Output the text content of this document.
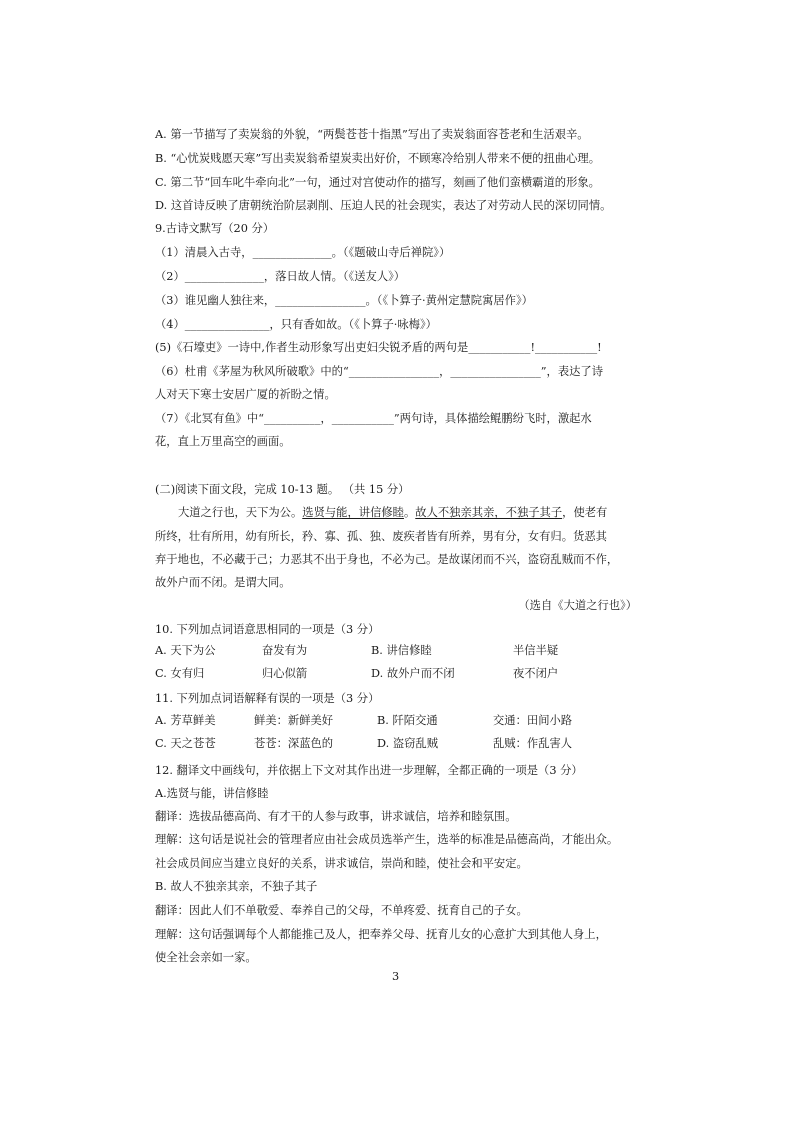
A. 第一节描写了卖炭翁的外貌，“两鬓苍苍十指黑”写出了卖炭翁面容苍老和生活艰辛。
B. “心忧炭贱愿天寒”写出卖炭翁希望炭卖出好价，不顾寒冷给别人带来不便的扭曲心理。
C. 第二节“回车叱牛牵向北”一句，通过对宫使动作的描写，刻画了他们蛮横霸道的形象。
D. 这首诗反映了唐朝统治阶层剥削、压迫人民的社会现实，表达了对劳动人民的深切同情。
9.古诗文默写（20 分）
（1）清晨入古寺，______________。（《题破山寺后禅院》）
（2）______________，落日故人情。（《送友人》）
（3）谁见幽人独往来，________________。（《卜算子·黄州定慧院寓居作》）
（4）_______________，只有香如故。（《卜算子·咏梅》）
(5)《石壕吏》一诗中,作者生动形象写出吏妇尖锐矛盾的两句是___________!___________!
（6）杜甫《茅屋为秋风所破歌》中的“________________，________________”，表达了诗
人对天下寒士安居广厦的祈盼之情。
（7）《北冥有鱼》中“__________，___________”两句诗，具体描绘鲲鹏纷飞时，激起水
花，直上万里高空的画面。
(二)阅读下面文段，完成 10-13 题。 （共 15 分）
大道之行也，天下为公。选贤与能，讲信修睦。故人不独亲其亲，不独子其子，使老有
所终，壮有所用，幼有所长，矜、寡、孤、独、废疾者皆有所养，男有分，女有归。货恶其
弃于地也，不必藏于己；力恶其不出于身也，不必为己。是故谋闭而不兴，盗窃乱贼而不作，
故外户而不闭。是谓大同。
（选自《大道之行也》）
10. 下列加点词语意思相同的一项是（3 分）
A. 天下为公	奋发有为	B. 讲信修睦	半信半疑
C. 女有归	归心似箭	D. 故外户而不闭	夜不闭户
11. 下列加点词语解释有误的一项是（3 分）
A. 芳草鲜美	鲜美：新鲜美好	B. 阡陌交通	交通：田间小路
C. 天之苍苍	苍苍：深蓝色的	D. 盗窃乱贼	乱贼：作乱害人
12. 翻译文中画线句，并依据上下文对其作出进一步理解，全都正确的一项是（3 分）
A.选贤与能，讲信修睦
翻译：选拔品德高尚、有才干的人参与政事，讲求诚信，培养和睦氛围。
理解：这句话是说社会的管理者应由社会成员选举产生，选举的标准是品德高尚，才能出众。
社会成员间应当建立良好的关系，讲求诚信，崇尚和睦，使社会和平安定。
B. 故人不独亲其亲，不独子其子
翻译：因此人们不单敬爱、奉养自己的父母，不单疼爱、抚育自己的子女。
理解：这句话强调每个人都能推己及人，把奉养父母、抚育儿女的心意扩大到其他人身上，
使全社会亲如一家。
3
